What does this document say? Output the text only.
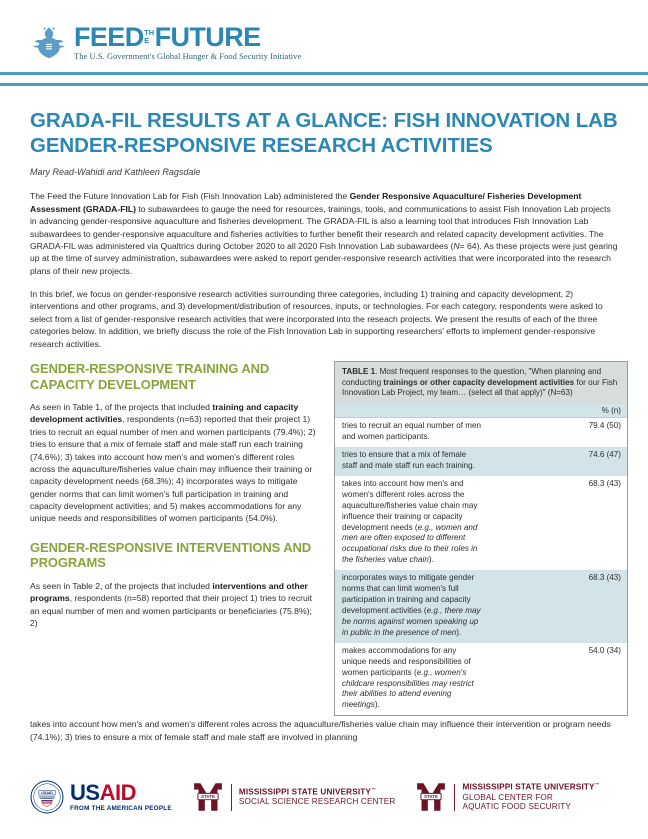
FEED TH
E FUTURE
The U.S. Government's Global Hunger & Food Security Initiative
GRADA-FIL RESULTS AT A GLANCE: FISH INNOVATION LAB GENDER-RESPONSIVE RESEARCH ACTIVITIES
Mary Read-Wahidi and Kathleen Ragsdale

The Feed the Future Innovation Lab for Fish (Fish Innovation Lab) administered the Gender Responsive Aquaculture/ Fisheries Development Assessment (GRADA-FIL) to subawardees to gauge the need for resources, trainings, tools, and communications to assist Fish Innovation Lab projects in advancing gender-responsive aquaculture and fisheries development. The GRADA-FIL is also a learning tool that introduces Fish Innovation Lab subawardees to gender-responsive aquaculture and fisheries activities to further benefit their research and related capacity development activities. The GRADA-FIL was administered via Qualtrics during October 2020 to all 2020 Fish Innovation Lab subawardees (N= 64). As these projects were just gearing up at the time of survey administration, subawardees were asked to report gender-responsive research activities that were incorporated into the research plans of their new projects.

In this brief, we focus on gender-responsive research activities surrounding three categories, including 1) training and capacity development, 2) interventions and other programs, and 3) development/distribution of resources, inputs, or technologies. For each category, respondents were asked to select from a list of gender-responsive research activities that were incorporated into the reseach projects. We present the results of each of the three categories below. In addition, we briefly discuss the role of the Fish Innovation Lab in supporting researchers' efforts to implement gender-responsive research activities.

GENDER-RESPONSIVE TRAINING AND CAPACITY DEVELOPMENT

As seen in Table 1, of the projects that included training and capacity development activities, respondents (n=63) reported that their project 1) tries to recruit an equal number of men and women participants (79.4%); 2) tries to ensure that a mix of female staff and male staff run each training (74.6%); 3) takes into account how men's and women's different roles across the aquaculture/fisheries value chain may influence their training or capacity development needs (68.3%); 4) incorporates ways to mitigate gender norms that can limit women's full participation in training and capacity development activities; and 5) makes accommodations for any unique needs and responsibilities of women participants (54.0%).

GENDER-RESPONSIVE INTERVENTIONS AND PROGRAMS

As seen in Table 2, of the projects that included interventions and other programs, respondents (n=58) reported that their project 1) tries to recruit an equal number of men and women participants or beneficiaries (75.8%); 2)

TABLE 1. Most frequent responses to the question, "When planning and conducting trainings or other capacity development activities for our Fish Innovation Lab Project, my team… (select all that apply)" (N=63)
	% (n)
tries to recruit an equal number of men and women participants.	79.4 (50)
tries to ensure that a mix of female staff and male staff run each training.	74.6 (47)
takes into account how men's and women's different roles across the aquaculture/fisheries value chain may influence their training or capacity development needs (e.g., women and men are often exposed to different occupational risks due to their roles in the fisheries value chain).	68.3 (43)
incorporates ways to mitigate gender norms that can limit women's full participation in training and capacity development activities (e.g., there may be norms against women speaking up in public in the presence of men).	68.3 (43)
makes accommodations for any unique needs and responsibilities of women participants (e.g., women's childcare responsibilities may restrict their abilities to attend evening meetings).	54.0 (34)

takes into account how men's and women's different roles across the aquaculture/fisheries value chain may influence their intervention or program needs (74.1%); 3) tries to ensure a mix of female staff and male staff are involved in planning

USAID USAID
FROM THE AMERICAN PEOPLE
STATE	MISSISSIPPI STATE UNIVERSITY™
SOCIAL SCIENCE RESEARCH CENTER
STATE
MISSISSIPPI STATE UNIVERSITY™
GLOBAL CENTER FOR
AQUATIC FOOD SECURITY
